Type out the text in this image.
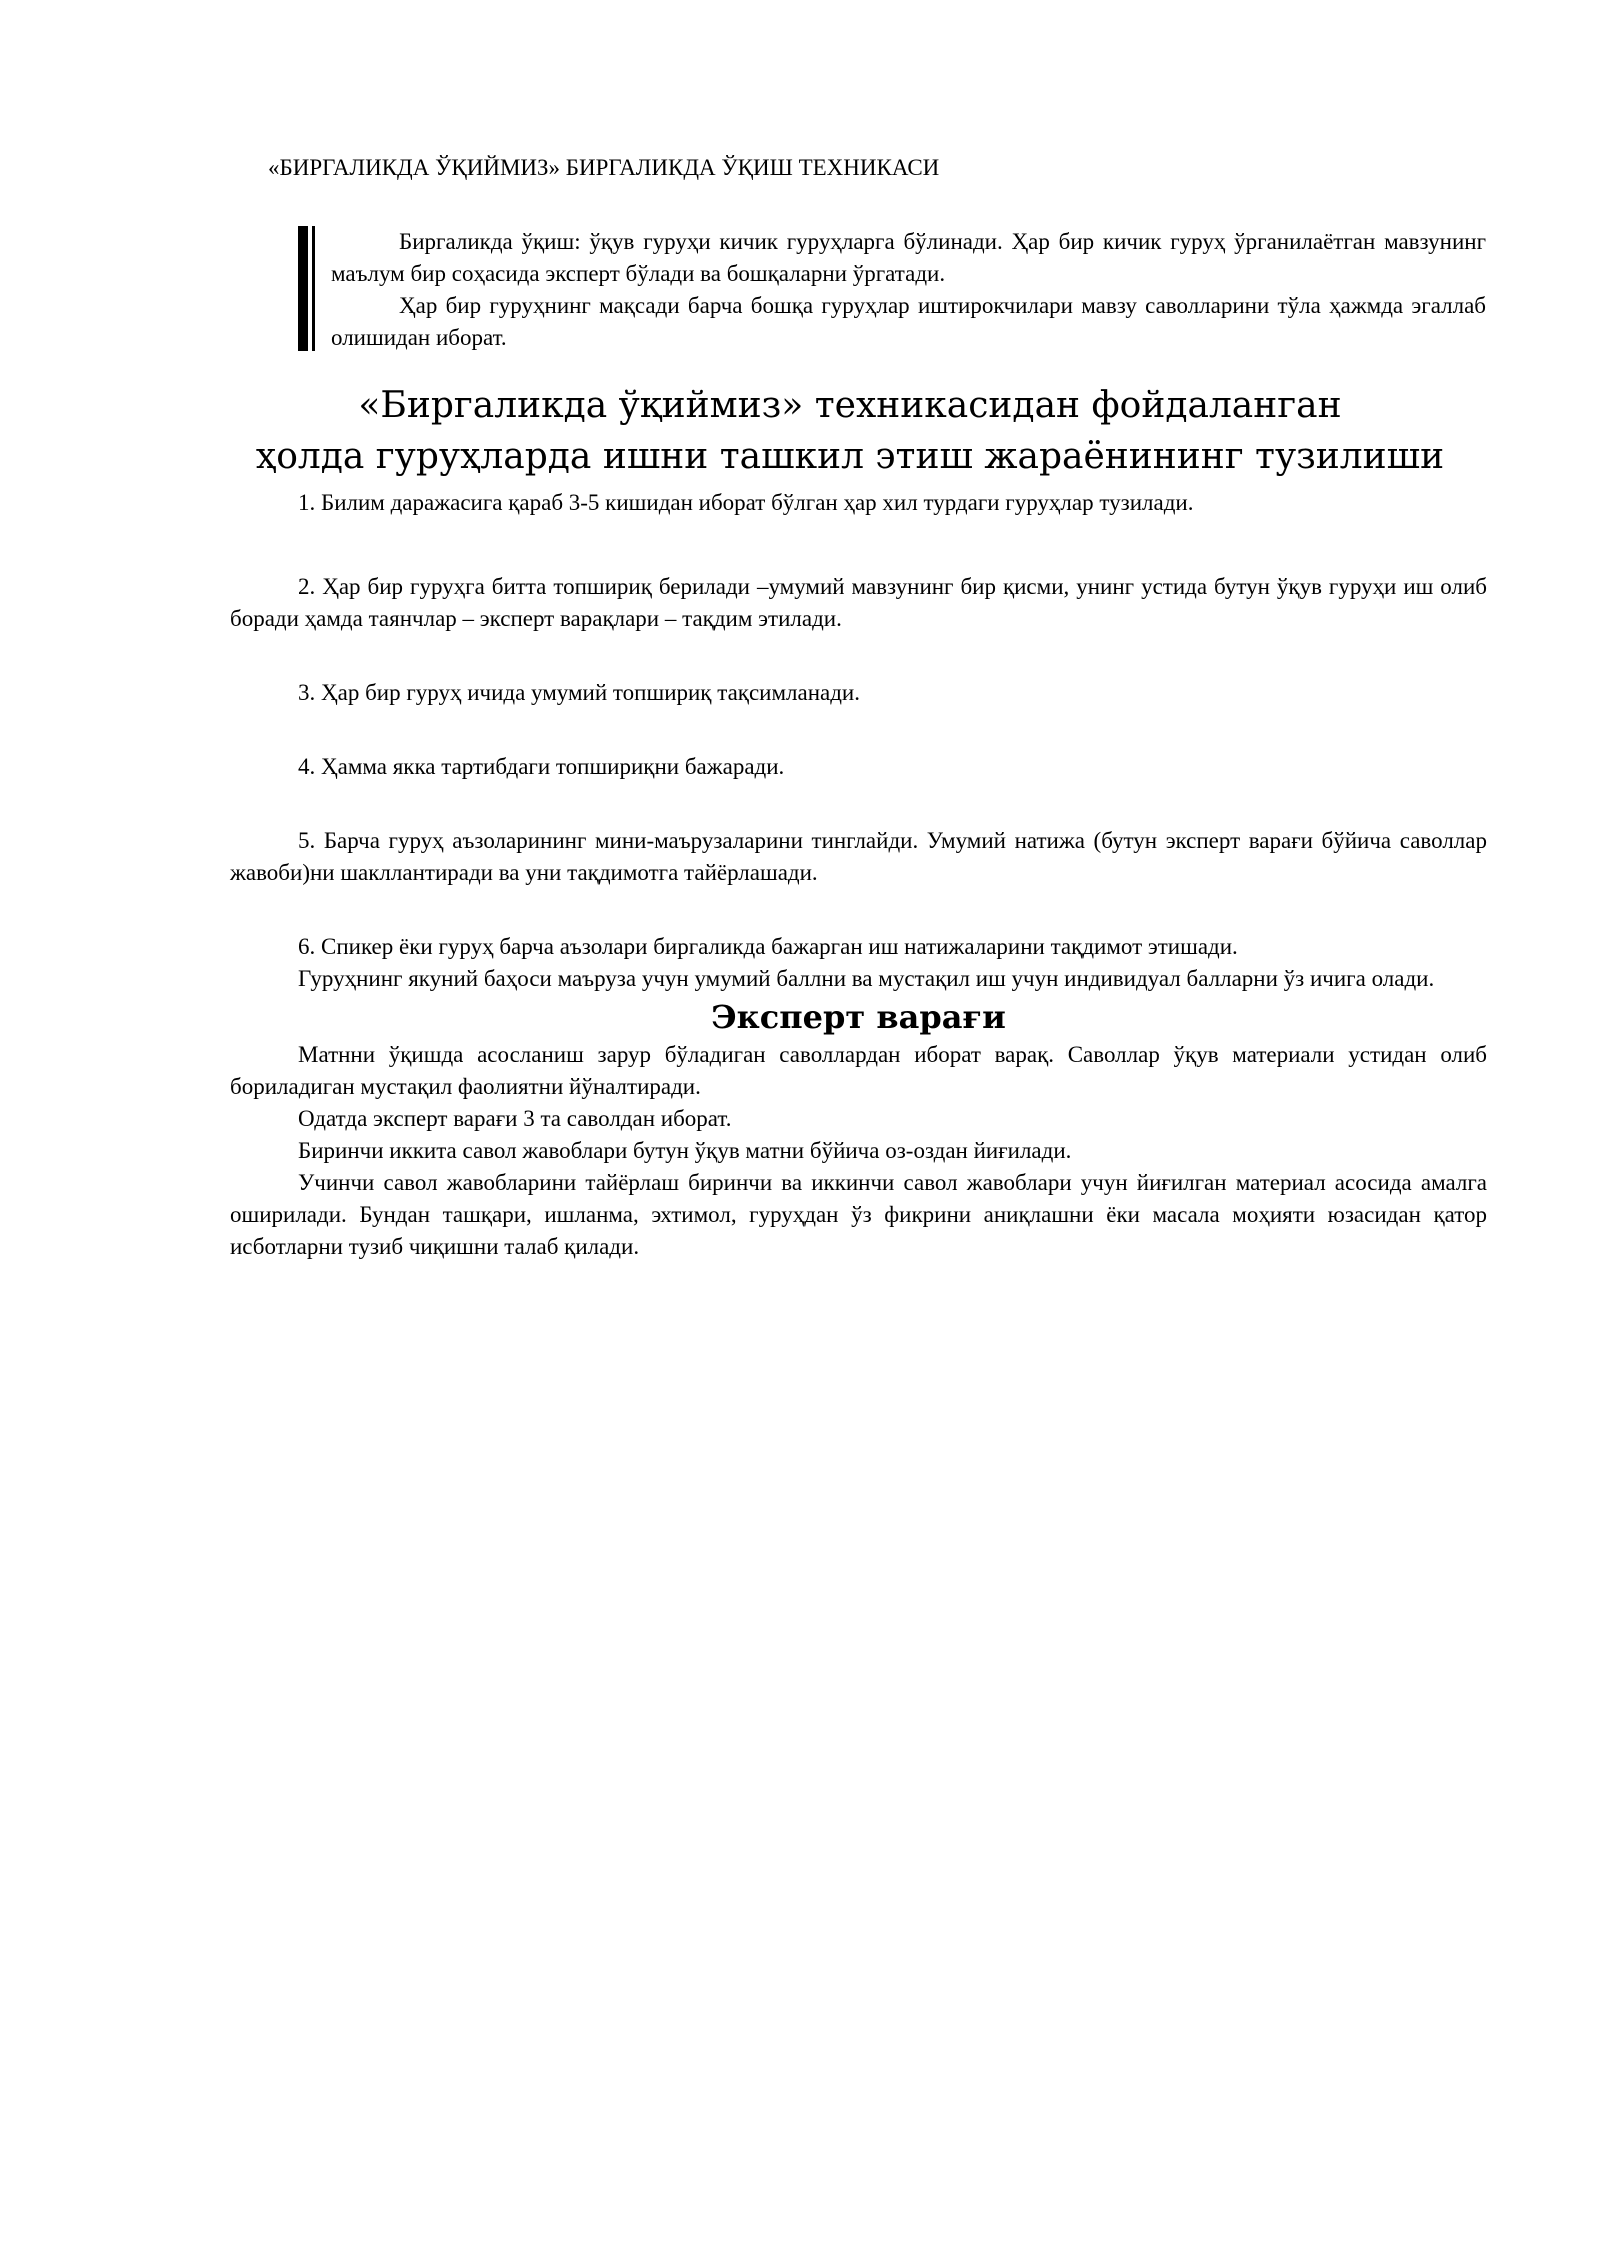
«БИРГАЛИКДА ЎҚИЙМИЗ» БИРГАЛИКДА ЎҚИШ ТЕХНИКАСИ

Биргаликда ўқиш: ўқув гуруҳи кичик гуруҳларга бўлинади. Ҳар бир кичик гуруҳ ўрганилаётган мавзунинг маълум бир соҳасида эксперт бўлади ва бошқаларни ўргатади.

Ҳар бир гуруҳнинг мақсади барча бошқа гуруҳлар иштирокчилари мавзу саволларини тўла ҳажмда эгаллаб олишидан иборат.

«Биргаликда ўқиймиз» техникасидан фойдаланган
ҳолда гуруҳларда ишни ташкил этиш жараёнининг тузилиши

1. Билим даражасига қараб 3-5 кишидан иборат бўлган ҳар хил турдаги гуруҳлар тузилади.

2. Ҳар бир гуруҳга битта топшириқ берилади –умумий мавзунинг бир қисми, унинг устида бутун ўқув гуруҳи иш олиб боради ҳамда таянчлар – эксперт варақлари – тақдим этилади.

3. Ҳар бир гуруҳ ичида умумий топшириқ тақсимланади.

4. Ҳамма якка тартибдаги топшириқни бажаради.

5. Барча гуруҳ аъзоларининг мини-маърузаларини тинглайди. Умумий натижа (бутун эксперт варағи бўйича саволлар жавоби)ни шакллантиради ва уни тақдимотга тайёрлашади.

6. Спикер ёки гуруҳ барча аъзолари биргаликда бажарган иш натижаларини тақдимот этишади.

Гуруҳнинг якуний баҳоси маъруза учун умумий баллни ва мустақил иш учун индивидуал балларни ўз ичига олади.

Эксперт варағи

Матнни ўқишда асосланиш зарур бўладиган саволлардан иборат варақ. Саволлар ўқув материали устидан олиб бориладиган мустақил фаолиятни йўналтиради.

Одатда эксперт варағи 3 та саволдан иборат.

Биринчи иккита савол жавоблари бутун ўқув матни бўйича оз-оздан йиғилади.

Учинчи савол жавобларини тайёрлаш биринчи ва иккинчи савол жавоблари учун йиғилган материал асосида амалга оширилади. Бундан ташқари, ишланма, эхтимол, гуруҳдан ўз фикрини аниқлашни ёки масала моҳияти юзасидан қатор исботларни тузиб чиқишни талаб қилади.
